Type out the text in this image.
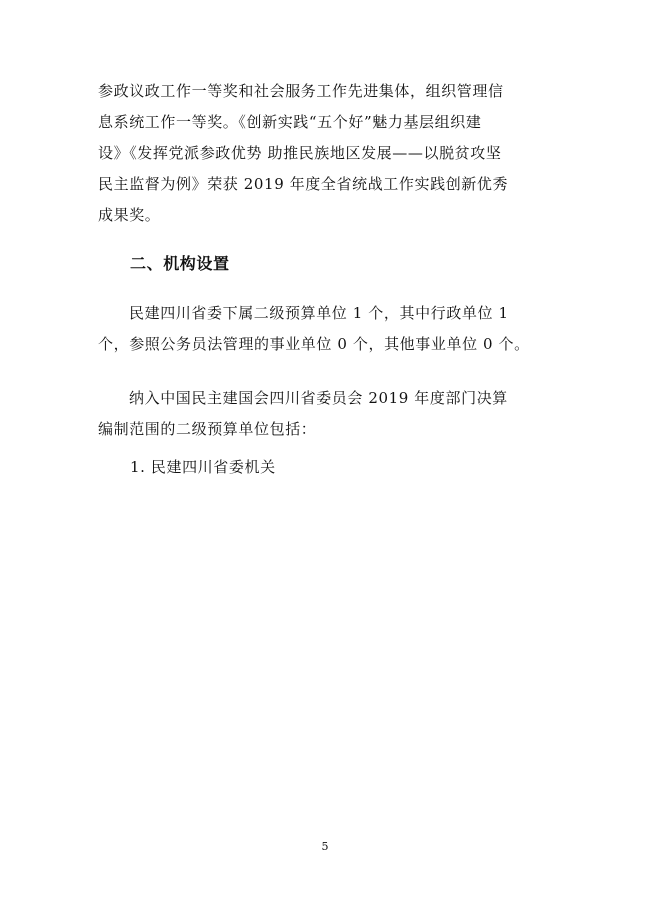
参政议政工作一等奖和社会服务工作先进集体，组织管理信
息系统工作一等奖。《创新实践“五个好”魅力基层组织建
设》《发挥党派参政优势 助推民族地区发展——以脱贫攻坚
民主监督为例》荣获 2019 年度全省统战工作实践创新优秀
成果奖。
二、机构设置
民建四川省委下属二级预算单位 1 个，其中行政单位 1
个，参照公务员法管理的事业单位 0 个，其他事业单位 0 个。
纳入中国民主建国会四川省委员会 2019 年度部门决算
编制范围的二级预算单位包括：
1. 民建四川省委机关
5
